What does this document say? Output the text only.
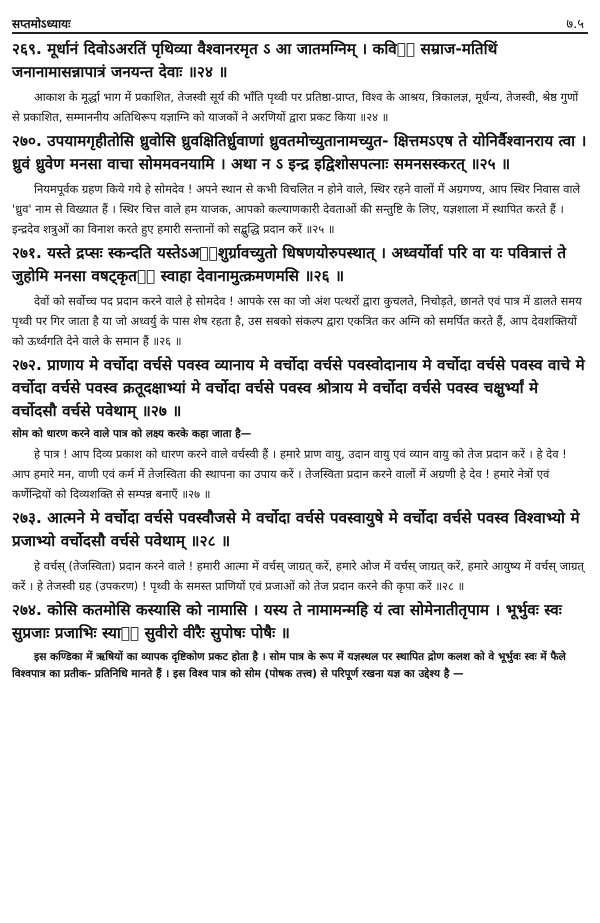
सप्तमोऽध्यायः	७.५

२६९. मूर्धानं दिवोऽअरतिं पृथिव्या वैश्वानरमृत ऽ आ जातमग्निम् । कविᳫं सम्राज-मतिथिं जनानामासन्नापात्रं जनयन्त देवाः ॥२४ ॥

आकाश के मूर्द्धा भाग में प्रकाशित, तेजस्वी सूर्य की भाँति पृथ्वी पर प्रतिष्ठा-प्राप्त, विश्व के आश्रय, त्रिकालज्ञ, मूर्धन्य, तेजस्वी, श्रेष्ठ गुणों से प्रकाशित, सम्माननीय अतिथिरूप यज्ञाग्नि को याजकों ने अरणियों द्वारा प्रकट किया ॥२४ ॥

२७०. उपयामगृहीतोसि ध्रुवोसि ध्रुवक्षितिर्ध्रुवाणां ध्रुवतमोच्युतानामच्युत- क्षित्तमऽएष ते योनिर्वैश्वानराय त्वा । ध्रुवं ध्रुवेण मनसा वाचा सोममवनयामि । अथा न ऽ इन्द्र इद्विशोसपत्नाः समनसस्करत् ॥२५ ॥

नियमपूर्वक ग्रहण किये गये हे सोमदेव ! अपने स्थान से कभी विचलित न होने वाले, स्थिर रहने वालों में अग्रगण्य, आप स्थिर निवास वाले 'ध्रुव' नाम से विख्यात हैं । स्थिर चित्त वाले हम याजक, आपको कल्याणकारी देवताओं की सन्तुष्टि के लिए, यज्ञशाला में स्थापित करते हैं । इन्द्रदेव शत्रुओं का विनाश करते हुए हमारी सन्तानों को सद्बुद्धि प्रदान करें ॥२५ ॥

२७१. यस्ते द्रप्सः स्कन्दति यस्तेऽअᳫंशुर्ग्रावच्युतो धिषणयोरुपस्थात् । अध्वर्योर्वा परि वा यः पवित्रात्तं ते जुहोमि मनसा वषट्कृतᳫं स्वाहा देवानामुत्क्रमणमसि ॥२६ ॥

देवों को सर्वोच्च पद प्रदान करने वाले हे सोमदेव ! आपके रस का जो अंश पत्थरों द्वारा कुचलते, निचोड़ते, छानते एवं पात्र में डालते समय पृथ्वी पर गिर जाता है या जो अध्वर्यु के पास शेष रहता है, उस सबको संकल्प द्वारा एकत्रित कर अग्नि को समर्पित करते हैं, आप देवशक्तियों को ऊर्ध्वगति देने वाले के समान हैं ॥२६ ॥

२७२. प्राणाय मे वर्चोदा वर्चसे पवस्व व्यानाय मे वर्चोदा वर्चसे पवस्वोदानाय मे वर्चोदा वर्चसे पवस्व वाचे मे वर्चोदा वर्चसे पवस्व क्रतूदक्षाभ्यां मे वर्चोदा वर्चसे पवस्व श्रोत्राय मे वर्चोदा वर्चसे पवस्व चक्षुर्भ्यां मे वर्चोदसौ वर्चसे पवेथाम् ॥२७ ॥

सोम को धारण करने वाले पात्र को लक्ष्य करके कहा जाता है—

हे पात्र ! आप दिव्य प्रकाश को धारण करने वाले वर्चस्वी हैं । हमारे प्राण वायु, उदान वायु एवं व्यान वायु को तेज प्रदान करें । हे देव ! आप हमारे मन, वाणी एवं कर्म में तेजस्विता की स्थापना का उपाय करें । तेजस्विता प्रदान करने वालों में अग्रणी हे देव ! हमारे नेत्रों एवं कर्णेन्द्रियों को दिव्यशक्ति से सम्पन्न बनाएँ ॥२७ ॥

२७३. आत्मने मे वर्चोदा वर्चसे पवस्वौजसे मे वर्चोदा वर्चसे पवस्वायुषे मे वर्चोदा वर्चसे पवस्व विश्वाभ्यो मे प्रजाभ्यो वर्चोदसौ वर्चसे पवेथाम् ॥२८ ॥

हे वर्चस् (तेजस्विता) प्रदान करने वाले ! हमारी आत्मा में वर्चस् जाग्रत् करें, हमारे ओज में वर्चस् जाग्रत् करें, हमारे आयुष्य में वर्चस् जाग्रत् करें । हे तेजस्वी ग्रह (उपकरण) ! पृथ्वी के समस्त प्राणियों एवं प्रजाओं को तेज प्रदान करने की कृपा करें ॥२८ ॥

२७४. कोसि कतमोसि कस्यासि को नामासि । यस्य ते नामामन्महि यं त्वा सोमेनातीतृपाम । भूर्भुवः स्वः सुप्रजाः प्रजाभिः स्याᳫं सुवीरो वीरैः सुपोषः पोषैः ॥

इस कण्डिका में ऋषियों का व्यापक दृष्टिकोण प्रकट होता है । सोम पात्र के रूप में यज्ञस्थल पर स्थापित द्रोण कलश को वे भूर्भुवः स्वः में फैले विश्वपात्र का प्रतीक- प्रतिनिधि मानते हैं । इस विश्व पात्र को सोम (पोषक तत्त्व) से परिपूर्ण रखना यज्ञ का उद्देश्य है —
